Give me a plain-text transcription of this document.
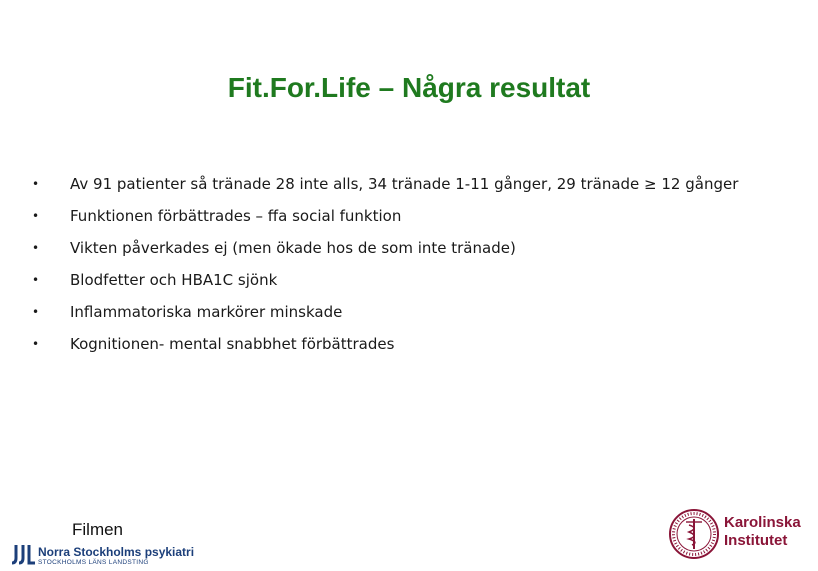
Fit.For.Life – Några resultat
• Av 91 patienter så tränade 28 inte alls, 34 tränade 1-11 gånger, 29 tränade ≥ 12 gånger
• Funktionen förbättrades – ffa social funktion
• Vikten påverkades ej (men ökade hos de som inte tränade)
• Blodfetter och HBA1C sjönk
• Inflammatoriska markörer minskade
• Kognitionen- mental snabbhet förbättrades
Filmen
Norra Stockholms psykiatri
STOCKHOLMS LÄNS LANDSTING
Karolinska
Institutet
